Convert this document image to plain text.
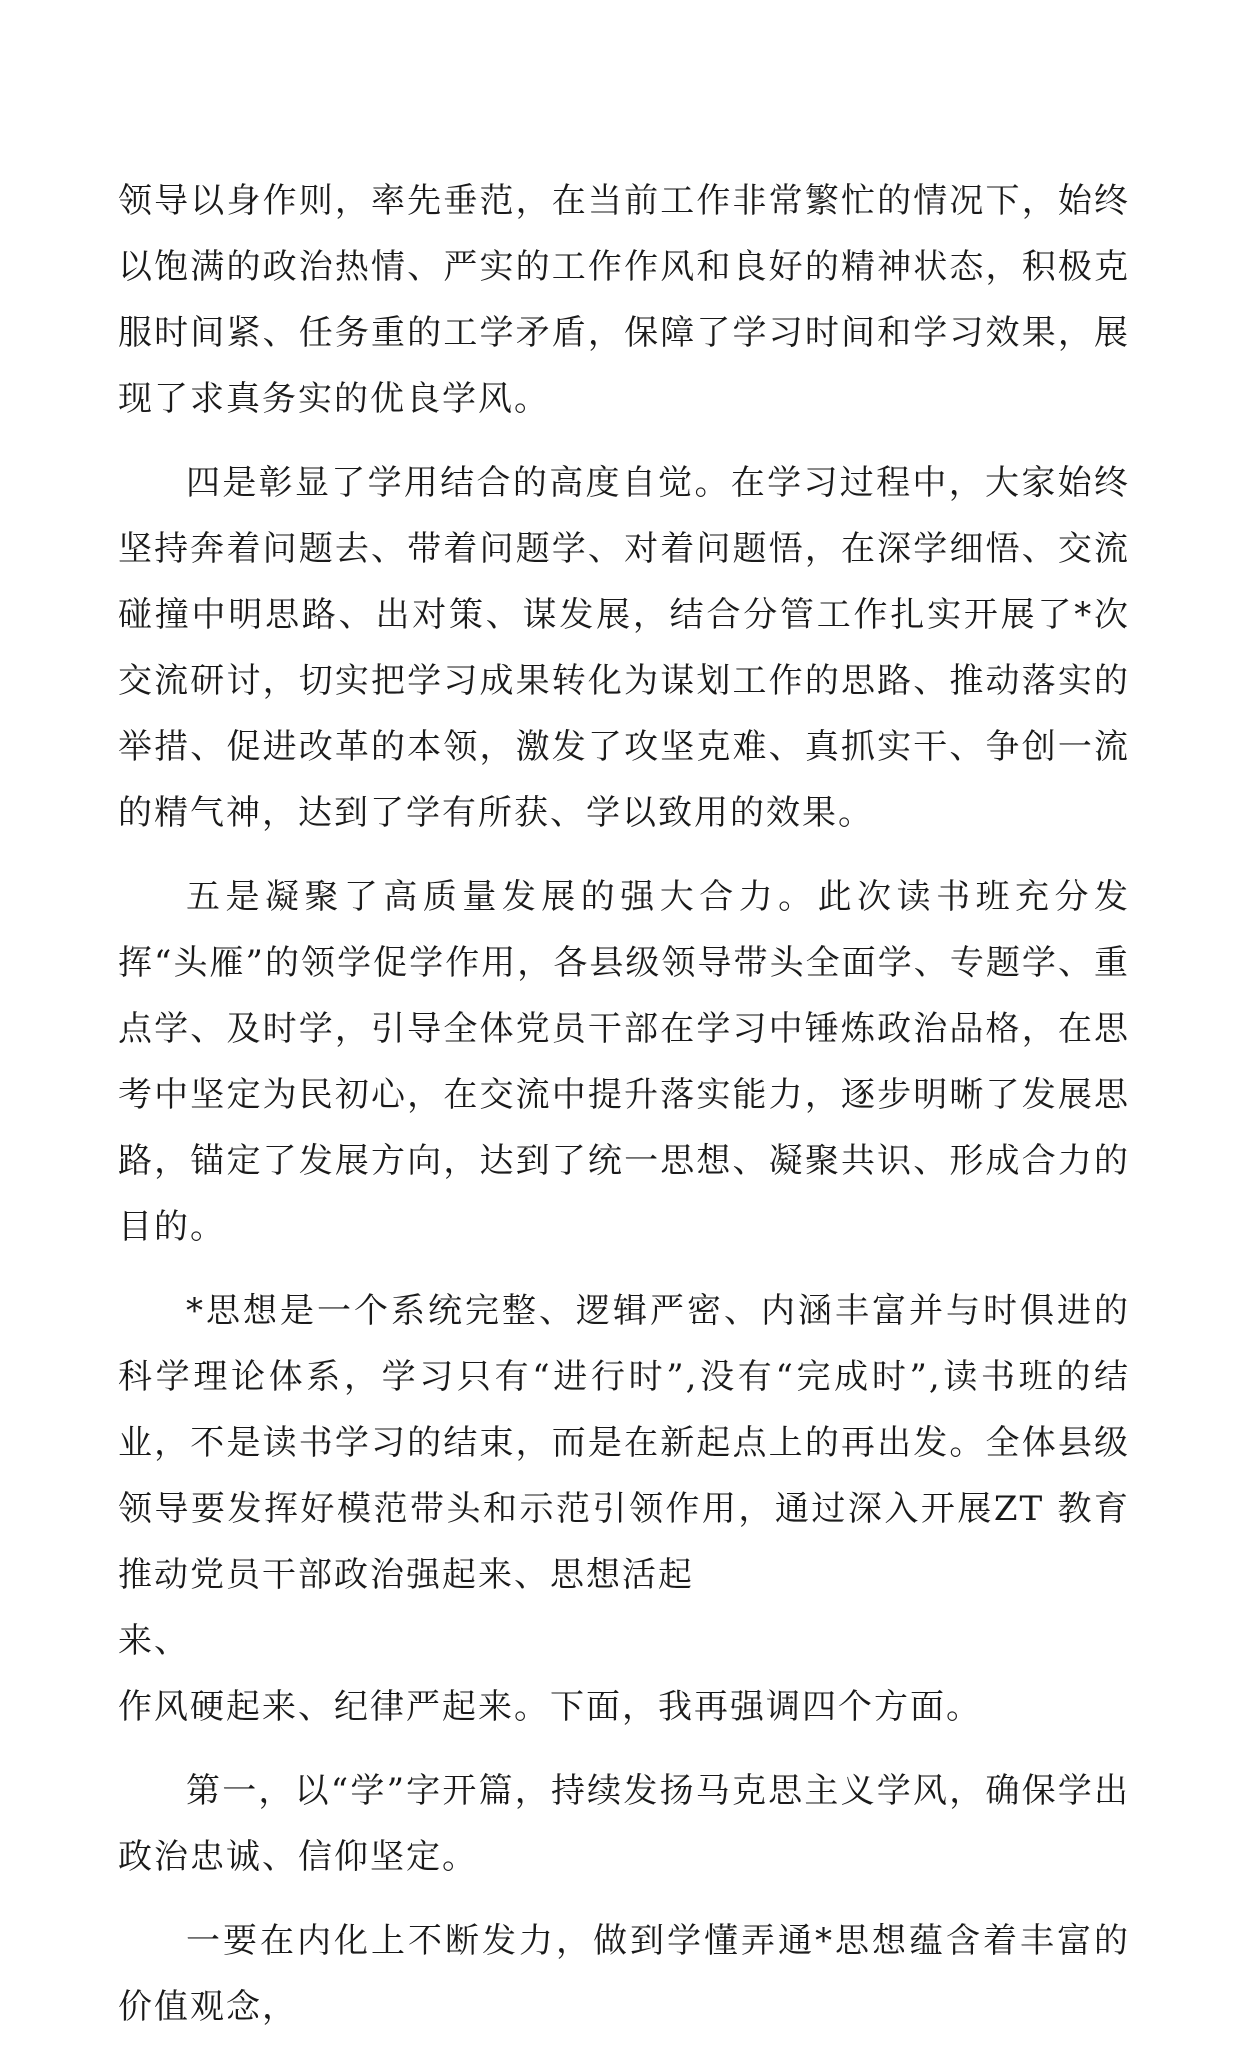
领导以身作则，率先垂范，在当前工作非常繁忙的情况下，始终以饱满的政治热情、严实的工作作风和良好的精神状态，积极克服时间紧、任务重的工学矛盾，保障了学习时间和学习效果，展现了求真务实的优良学风。

四是彰显了学用结合的高度自觉。在学习过程中，大家始终坚持奔着问题去、带着问题学、对着问题悟，在深学细悟、交流碰撞中明思路、出对策、谋发展，结合分管工作扎实开展了*次交流研讨，切实把学习成果转化为谋划工作的思路、推动落实的举措、促进改革的本领，激发了攻坚克难、真抓实干、争创一流的精气神，达到了学有所获、学以致用的效果。

五是凝聚了高质量发展的强大合力。此次读书班充分发挥“头雁”的领学促学作用，各县级领导带头全面学、专题学、重点学、及时学，引导全体党员干部在学习中锤炼政治品格，在思考中坚定为民初心，在交流中提升落实能力，逐步明晰了发展思路，锚定了发展方向，达到了统一思想、凝聚共识、形成合力的目的。

*思想是一个系统完整、逻辑严密、内涵丰富并与时俱进的科学理论体系，学习只有“进行时”,没有“完成时”,读书班的结业，不是读书学习的结束，而是在新起点上的再出发。全体县级领导要发挥好模范带头和示范引领作用，通过深入开展ZT 教育推动党员干部政治强起来、思想活起

来、

作风硬起来、纪律严起来。下面，我再强调四个方面。

第一，以“学”字开篇，持续发扬马克思主义学风，确保学出政治忠诚、信仰坚定。

一要在内化上不断发力，做到学懂弄通*思想蕴含着丰富的价值观念，
